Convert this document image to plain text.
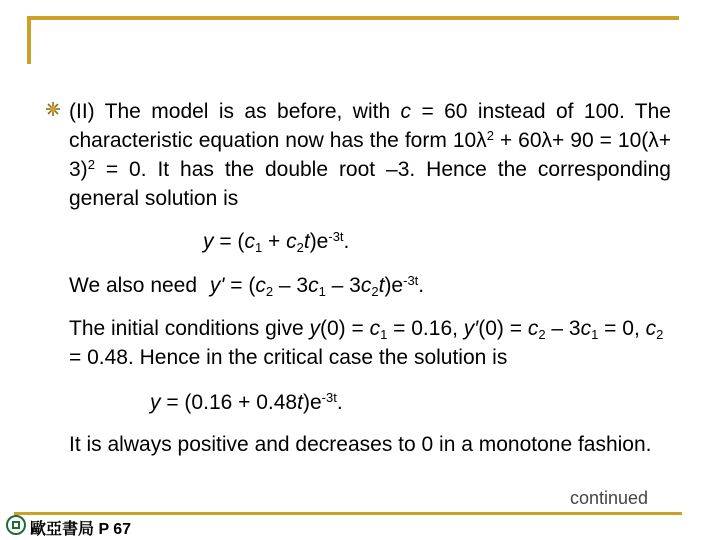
(II) The model is as before, with c = 60 instead of 100. The characteristic equation now has the form $10\lambda^2 + 60\lambda+ 90 = 10(\lambda+ 3)^2 = 0$. It has the double root –3. Hence the corresponding general solution is
$y = (c_1 + c_2t)e^{-3t}$.
We also need $y' = (c_2 - 3c_1 - 3c_2t)e^{-3t}$.
The initial conditions give $y(0) = c_1 = 0.16$, $y'(0) = c_2 - 3c_1 = 0$, $c_2 = 0.48$. Hence in the critical case the solution is
$y = (0.16 + 0.48t)e^{-3t}$.
It is always positive and decreases to 0 in a monotone fashion.
continued
歐亞書局 P 67
